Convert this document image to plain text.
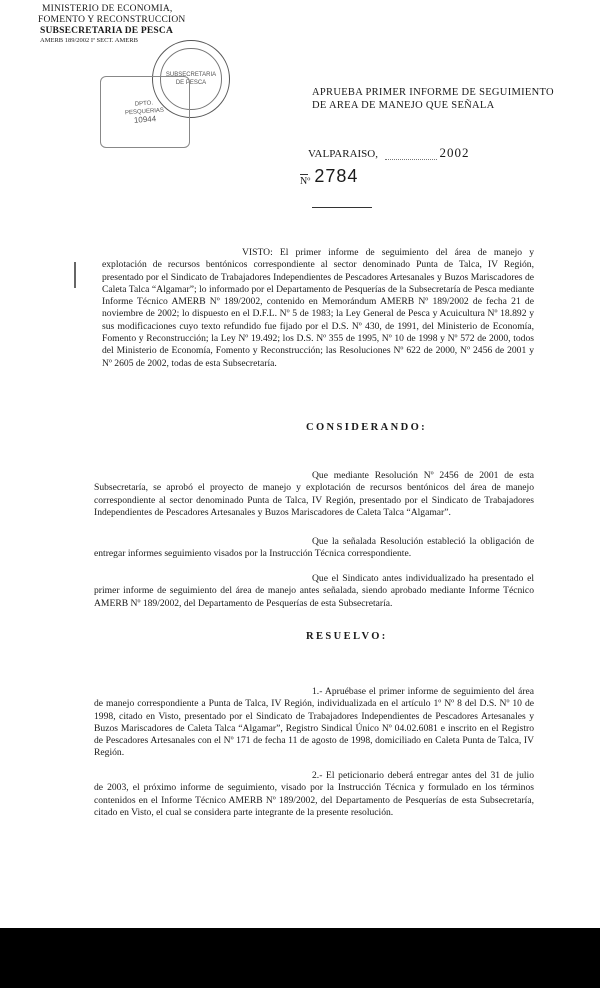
MINISTERIO DE ECONOMIA,
FOMENTO Y RECONSTRUCCION
SUBSECRETARIA DE PESCA
AMERB 189/2002 Iª SECT. AMERB
SUBSECRETARIA
DE PESCA
DPTO.
PESQUERIAS
10944
APRUEBA PRIMER INFORME DE SEGUIMIENTO
DE AREA DE MANEJO QUE SEÑALA
VALPARAISO,	2002
Nº 2784
VISTO: El primer informe de seguimiento del área de manejo y explotación de recursos bentónicos correspondiente al sector denominado Punta de Talca, IV Región, presentado por el Sindicato de Trabajadores Independientes de Pescadores Artesanales y Buzos Mariscadores de Caleta Talca “Algamar”; lo informado por el Departamento de Pesquerías de la Subsecretaría de Pesca mediante Informe Técnico AMERB Nº 189/2002, contenido en Memorándum AMERB Nº 189/2002 de fecha 21 de noviembre de 2002; lo dispuesto en el D.F.L. Nº 5 de 1983; la Ley General de Pesca y Acuicultura Nº 18.892 y sus modificaciones cuyo texto refundido fue fijado por el D.S. Nº 430, de 1991, del Ministerio de Economía, Fomento y Reconstrucción; la Ley Nº 19.492; los D.S. Nº 355 de 1995, Nº 10 de 1998 y Nº 572 de 2000, todos del Ministerio de Economía, Fomento y Reconstrucción; las Resoluciones Nº 622 de 2000, Nº 2456 de 2001 y Nº 2605 de 2002, todas de esta Subsecretaría.
CONSIDERANDO:
Que mediante Resolución Nº 2456 de 2001 de esta Subsecretaría, se aprobó el proyecto de manejo y explotación de recursos bentónicos del área de manejo correspondiente al sector denominado Punta de Talca, IV Región, presentado por el Sindicato de Trabajadores Independientes de Pescadores Artesanales y Buzos Mariscadores de Caleta Talca “Algamar”.
Que la señalada Resolución estableció la obligación de entregar informes seguimiento visados por la Instrucción Técnica correspondiente.
Que el Sindicato antes individualizado ha presentado el primer informe de seguimiento del área de manejo antes señalada, siendo aprobado mediante Informe Técnico AMERB Nº 189/2002, del Departamento de Pesquerías de esta Subsecretaría.
RESUELVO:
1.- Apruébase el primer informe de seguimiento del área de manejo correspondiente a Punta de Talca, IV Región, individualizada en el artículo 1º Nº 8 del D.S. Nº 10 de 1998, citado en Visto, presentado por el Sindicato de Trabajadores Independientes de Pescadores Artesanales y Buzos Mariscadores de Caleta Talca “Algamar”, Registro Sindical Único Nº 04.02.6081 e inscrito en el Registro de Pescadores Artesanales con el Nº 171 de fecha 11 de agosto de 1998, domiciliado en Caleta Punta de Talca, IV Región.
2.- El peticionario deberá entregar antes del 31 de julio de 2003, el próximo informe de seguimiento, visado por la Instrucción Técnica y formulado en los términos contenidos en el Informe Técnico AMERB Nº 189/2002, del Departamento de Pesquerías de esta Subsecretaría, citado en Visto, el cual se considera parte integrante de la presente resolución.
